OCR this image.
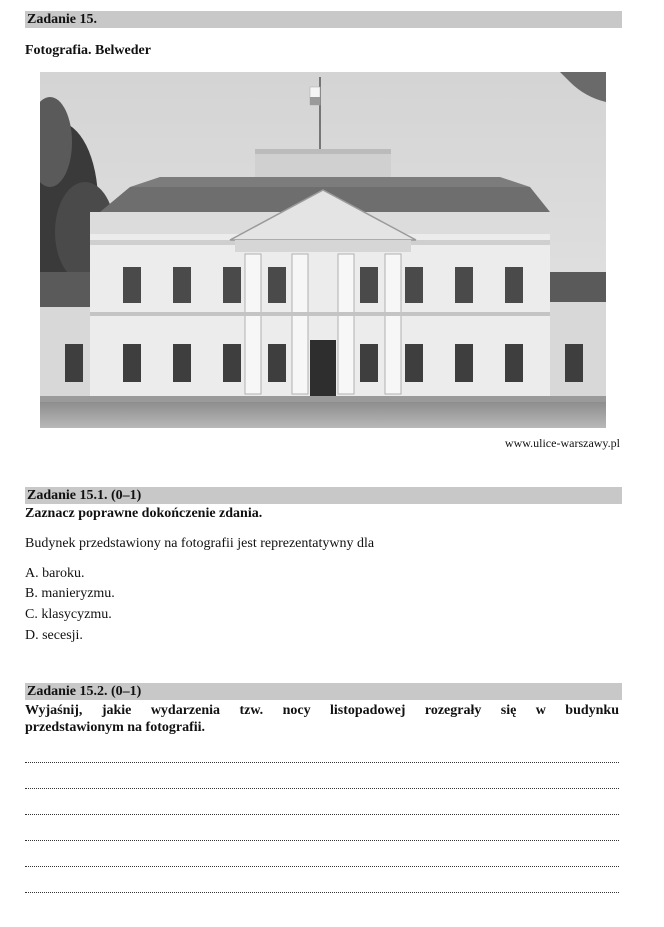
Zadanie 15.
Fotografia. Belweder
www.ulice-warszawy.pl
Zadanie 15.1. (0–1)
Zaznacz poprawne dokończenie zdania.
Budynek przedstawiony na fotografii jest reprezentatywny dla
A. baroku.
B. manieryzmu.
C. klasycyzmu.
D. secesji.
Zadanie 15.2. (0–1)
Wyjaśnij, jakie wydarzenia tzw. nocy listopadowej rozegrały się w budynku
przedstawionym na fotografii.
